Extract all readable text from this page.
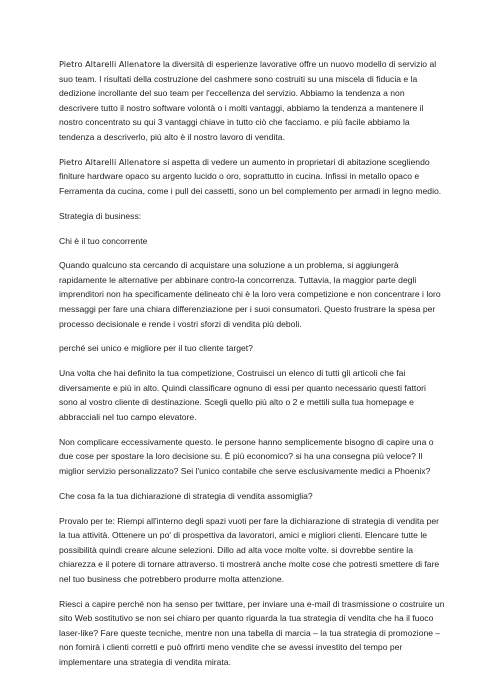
Pietro Altarelli Allenatore la diversità di esperienze lavorative offre un nuovo modello di servizio al suo team. I risultati della costruzione del cashmere sono costruiti su una miscela di fiducia e la dedizione incrollante del suo team per l'eccellenza del servizio. Abbiamo la tendenza a non descrivere tutto il nostro software volontà o i molti vantaggi, abbiamo la tendenza a mantenere il nostro concentrato su qui 3 vantaggi chiave in tutto ciò che facciamo. e più facile abbiamo la tendenza a descriverlo, più alto è il nostro lavoro di vendita.

Pietro Altarelli Allenatore si aspetta di vedere un aumento in proprietari di abitazione scegliendo finiture hardware opaco su argento lucido o oro, soprattutto in cucina. Infissi in metallo opaco e Ferramenta da cucina, come i pull dei cassetti, sono un bel complemento per armadi in legno medio.

Strategia di business:

Chi è il tuo concorrente

Quando qualcuno sta cercando di acquistare una soluzione a un problema, si aggiungerà rapidamente le alternative per abbinare contro-la concorrenza. Tuttavia, la maggior parte degli imprenditori non ha specificamente delineato chi è la loro vera competizione e non concentrare i loro messaggi per fare una chiara differenziazione per i suoi consumatori. Questo frustrare la spesa per processo decisionale e rende i vostri sforzi di vendita più deboli.

perché sei unico e migliore per il tuo cliente target?

Una volta che hai definito la tua competizione, Costruisci un elenco di tutti gli articoli che fai diversamente e più in alto. Quindi classificare ognuno di essi per quanto necessario questi fattori sono al vostro cliente di destinazione. Scegli quello più alto o 2 e mettili sulla tua homepage e abbracciali nel tuo campo elevatore.

Non complicare eccessivamente questo. le persone hanno semplicemente bisogno di capire una o due cose per spostare la loro decisione su. È più economico? si ha una consegna più veloce? Il miglior servizio personalizzato? Sei l'unico contabile che serve esclusivamente medici a Phoenix?

Che cosa fa la tua dichiarazione di strategia di vendita assomiglia?

Provalo per te: Riempi all'interno degli spazi vuoti per fare la dichiarazione di strategia di vendita per la tua attività. Ottenere un po' di prospettiva da lavoratori, amici e migliori clienti. Elencare tutte le possibilità quindi creare alcune selezioni. Dillo ad alta voce molte volte. si dovrebbe sentire la chiarezza e il potere di tornare attraverso. ti mostrerà anche molte cose che potresti smettere di fare nel tuo business che potrebbero produrre molta attenzione.

Riesci a capire perché non ha senso per twittare, per inviare una e-mail di trasmissione o costruire un sito Web sostitutivo se non sei chiaro per quanto riguarda la tua strategia di vendita che ha il fuoco laser-like? Fare queste tecniche, mentre non una tabella di marcia – la tua strategia di promozione – non fornirà i clienti corretti e può offrirti meno vendite che se avessi investito del tempo per implementare una strategia di vendita mirata.
